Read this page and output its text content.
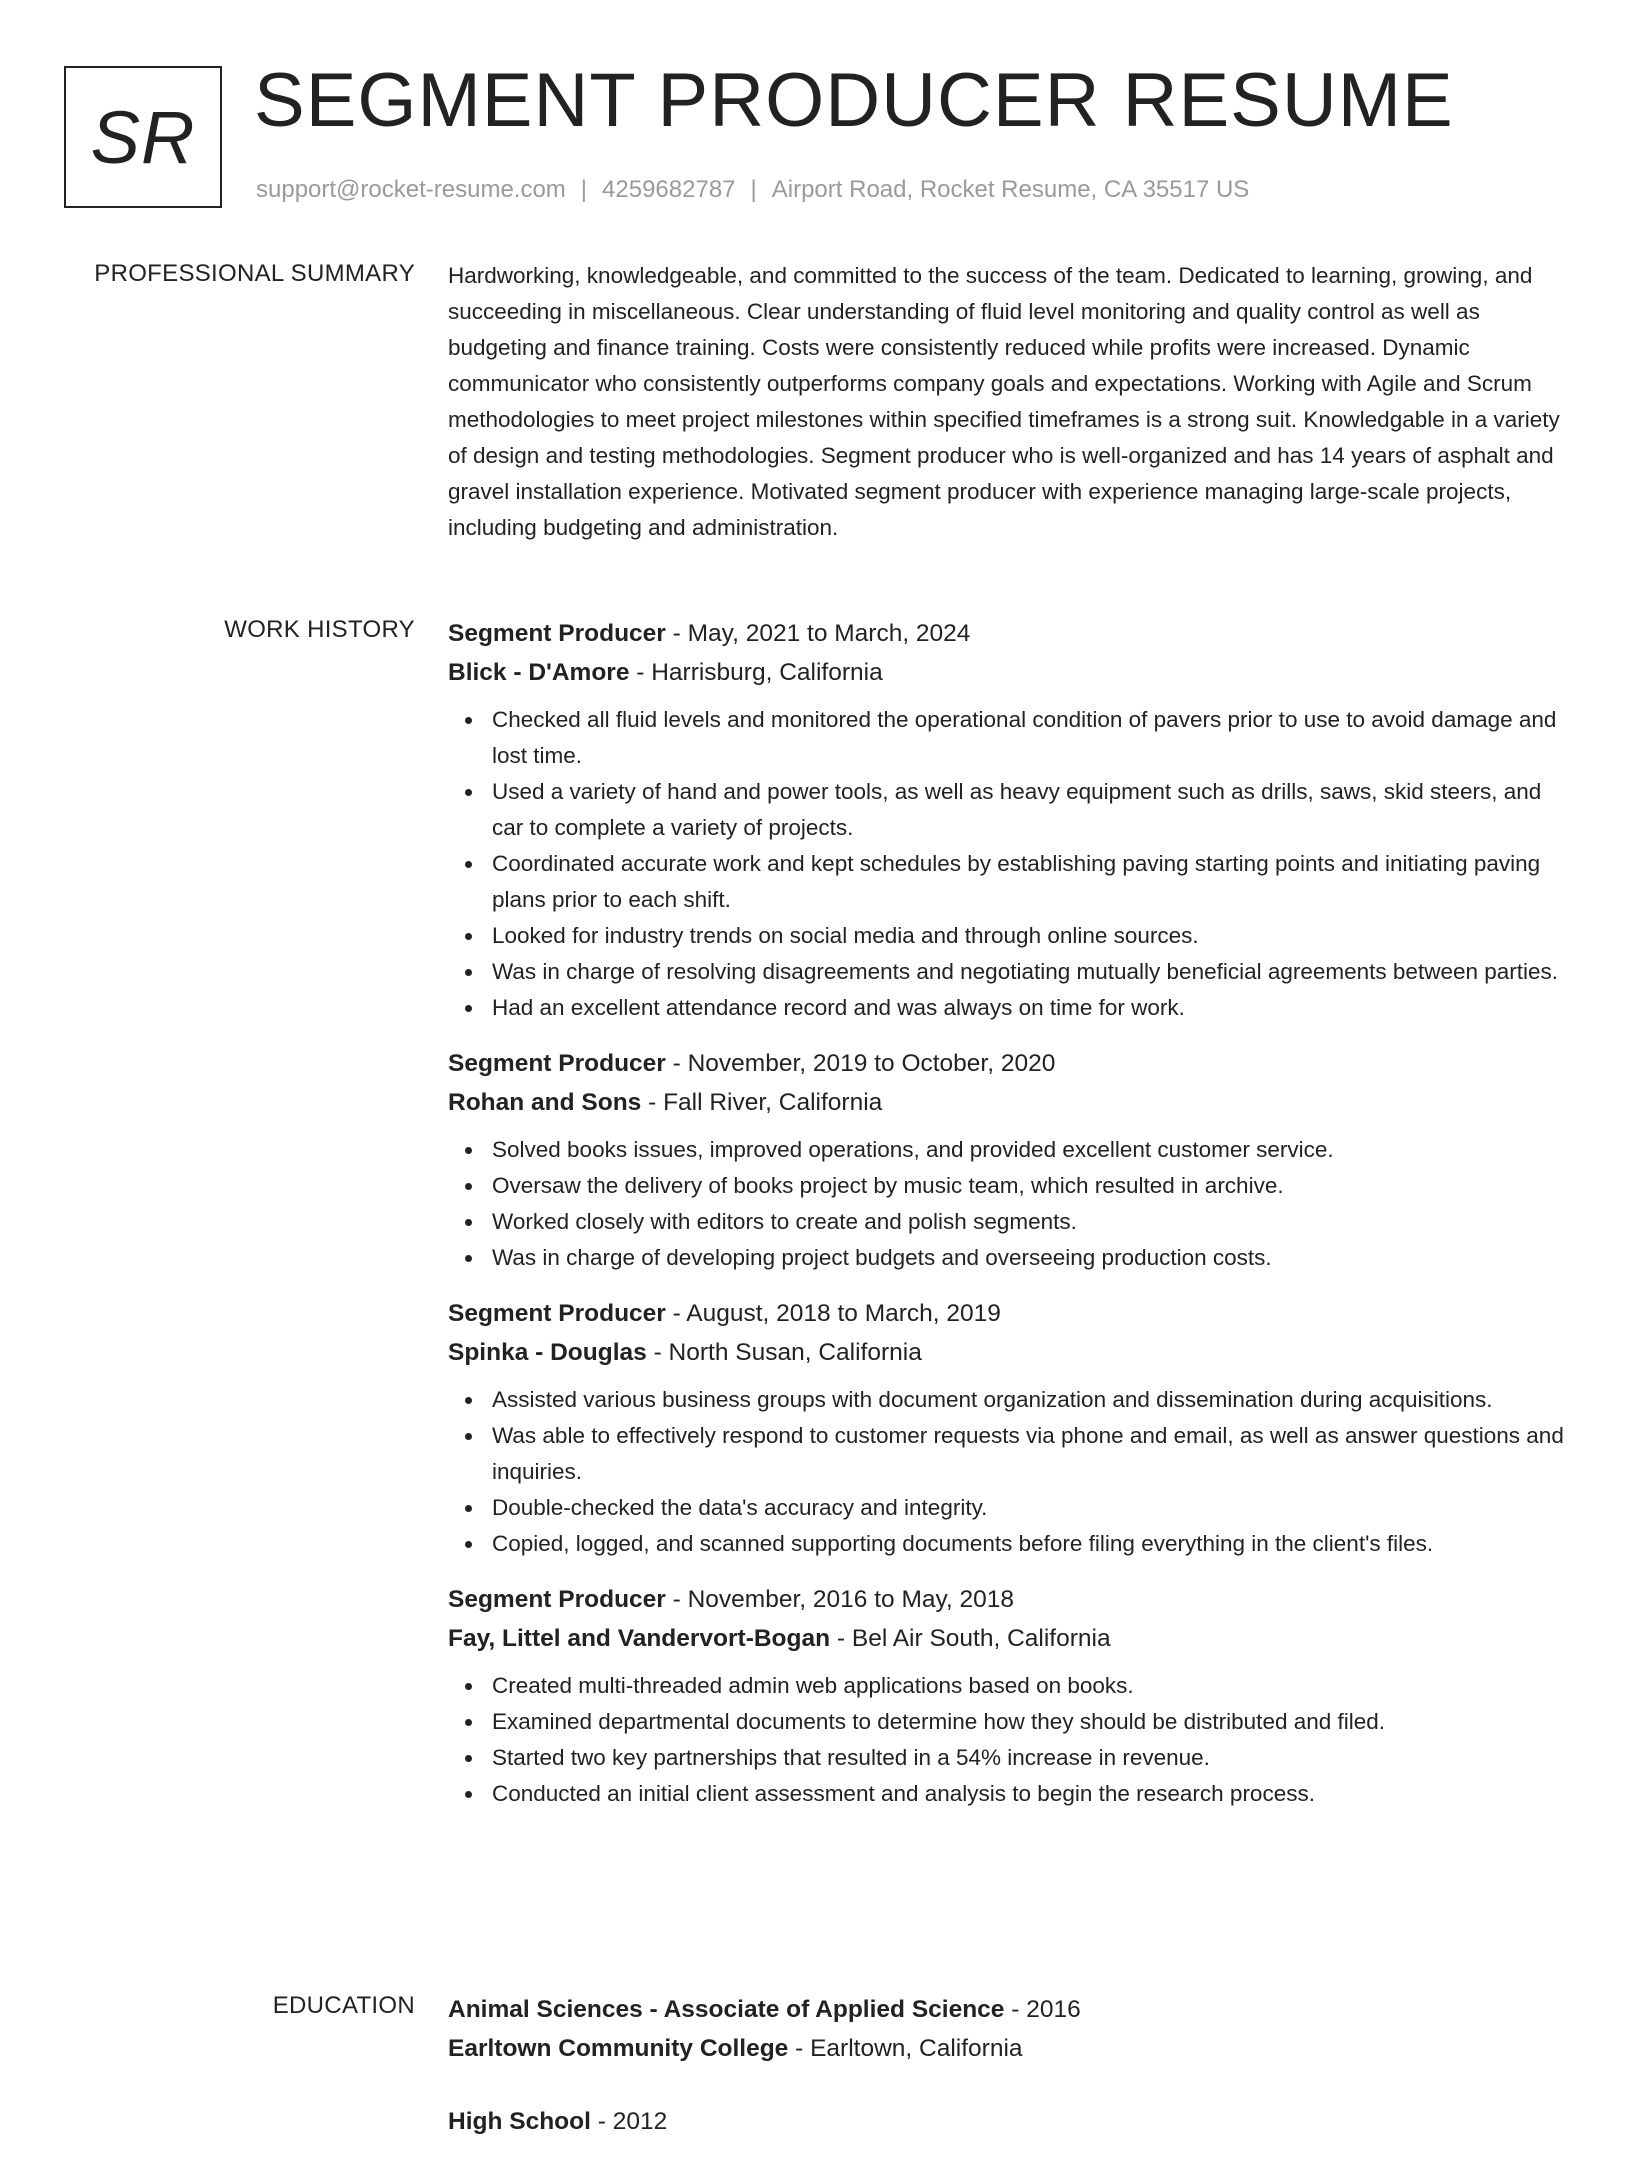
SR SEGMENT PRODUCER RESUME
support@rocket-resume.com | 4259682787 | Airport Road, Rocket Resume, CA 35517 US
PROFESSIONAL SUMMARY Hardworking, knowledgeable, and committed to the success of the team. Dedicated to learning, growing, and succeeding in miscellaneous. Clear understanding of fluid level monitoring and quality control as well as budgeting and finance training. Costs were consistently reduced while profits were increased. Dynamic communicator who consistently outperforms company goals and expectations. Working with Agile and Scrum methodologies to meet project milestones within specified timeframes is a strong suit. Knowledgable in a variety of design and testing methodologies. Segment producer who is well-organized and has 14 years of asphalt and gravel installation experience. Motivated segment producer with experience managing large-scale projects, including budgeting and administration.

WORK HISTORY Segment Producer - May, 2021 to March, 2024
Blick - D'Amore - Harrisburg, California
Checked all fluid levels and monitored the operational condition of pavers prior to use to avoid damage and lost time.
Used a variety of hand and power tools, as well as heavy equipment such as drills, saws, skid steers, and car to complete a variety of projects.
Coordinated accurate work and kept schedules by establishing paving starting points and initiating paving plans prior to each shift.
Looked for industry trends on social media and through online sources.
Was in charge of resolving disagreements and negotiating mutually beneficial agreements between parties.
Had an excellent attendance record and was always on time for work.
Segment Producer - November, 2019 to October, 2020
Rohan and Sons - Fall River, California
Solved books issues, improved operations, and provided excellent customer service.
Oversaw the delivery of books project by music team, which resulted in archive.
Worked closely with editors to create and polish segments.
Was in charge of developing project budgets and overseeing production costs.
Segment Producer - August, 2018 to March, 2019
Spinka - Douglas - North Susan, California
Assisted various business groups with document organization and dissemination during acquisitions.
Was able to effectively respond to customer requests via phone and email, as well as answer questions and inquiries.
Double-checked the data's accuracy and integrity.
Copied, logged, and scanned supporting documents before filing everything in the client's files.
Segment Producer - November, 2016 to May, 2018
Fay, Littel and Vandervort-Bogan - Bel Air South, California
Created multi-threaded admin web applications based on books.
Examined departmental documents to determine how they should be distributed and filed.
Started two key partnerships that resulted in a 54% increase in revenue.
Conducted an initial client assessment and analysis to begin the research process.
EDUCATION Animal Sciences - Associate of Applied Science - 2016
Earltown Community College - Earltown, California
High School - 2012
